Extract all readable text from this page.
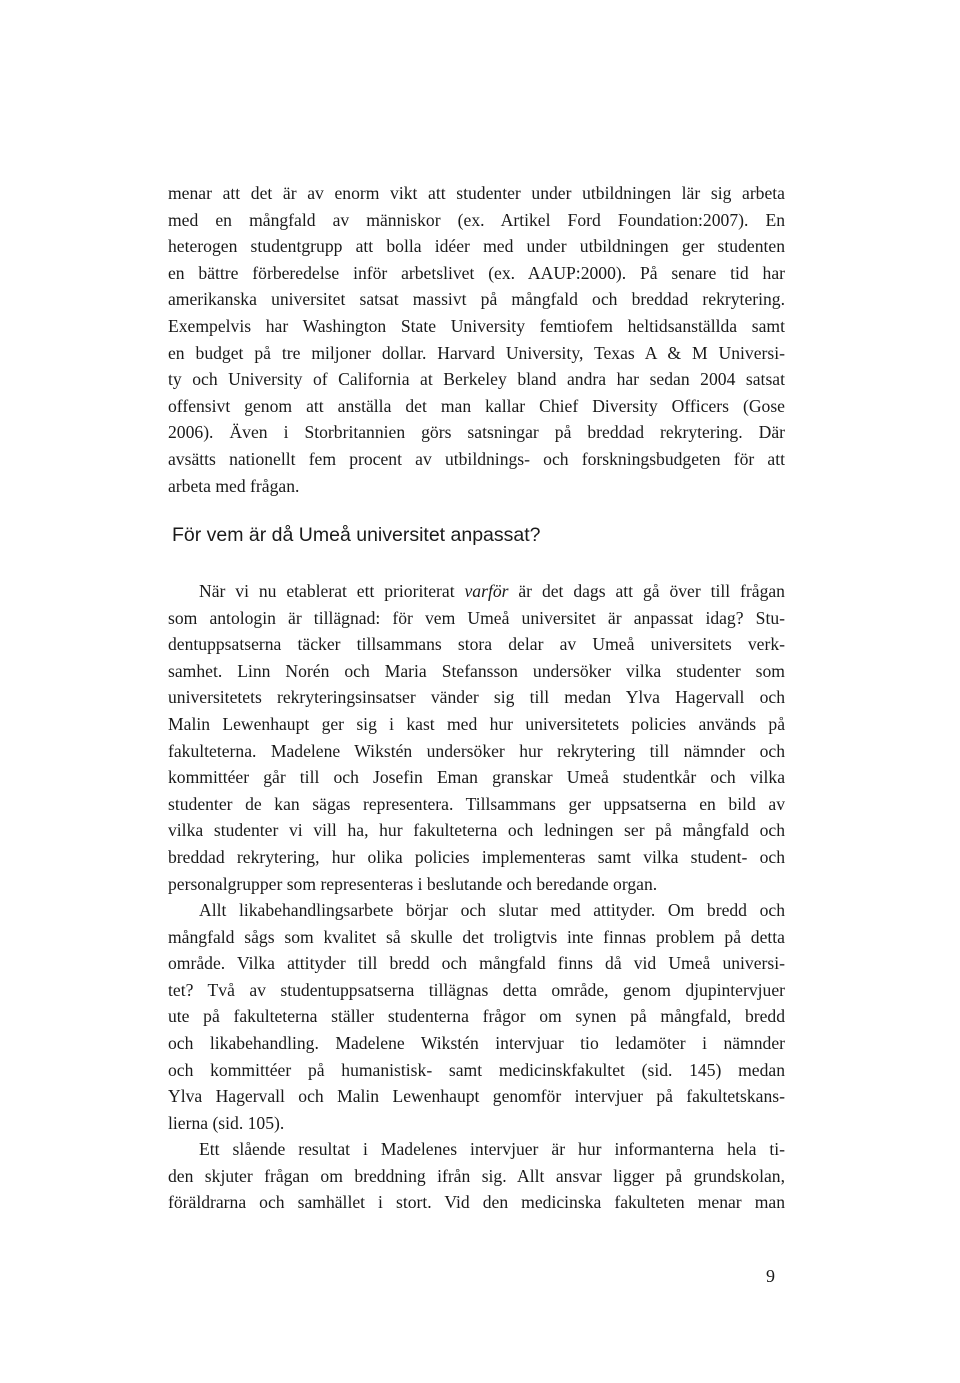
menar att det är av enorm vikt att studenter under utbildningen lär sig arbeta
med en mångfald av människor (ex. Artikel Ford Foundation:2007). En
heterogen studentgrupp att bolla idéer med under utbildningen ger studenten
en bättre förberedelse inför arbetslivet (ex. AAUP:2000). På senare tid har
amerikanska universitet satsat massivt på mångfald och breddad rekrytering.
Exempelvis har Washington State University femtiofem heltidsanställda samt
en budget på tre miljoner dollar. Harvard University, Texas A & M Universi-
ty och University of California at Berkeley bland andra har sedan 2004 satsat
offensivt genom att anställa det man kallar Chief Diversity Officers (Gose
2006). Även i Storbritannien görs satsningar på breddad rekrytering. Där
avsätts nationellt fem procent av utbildnings- och forskningsbudgeten för att
arbeta med frågan.
För vem är då Umeå universitet anpassat?
När vi nu etablerat ett prioriterat varför är det dags att gå över till frågan
som antologin är tillägnad: för vem Umeå universitet är anpassat idag? Stu-
dentuppsatserna täcker tillsammans stora delar av Umeå universitets verk-
samhet. Linn Norén och Maria Stefansson undersöker vilka studenter som
universitetets rekryteringsinsatser vänder sig till medan Ylva Hagervall och
Malin Lewenhaupt ger sig i kast med hur universitetets policies används på
fakulteterna. Madelene Wikstén undersöker hur rekrytering till nämnder och
kommittéer går till och Josefin Eman granskar Umeå studentkår och vilka
studenter de kan sägas representera. Tillsammans ger uppsatserna en bild av
vilka studenter vi vill ha, hur fakulteterna och ledningen ser på mångfald och
breddad rekrytering, hur olika policies implementeras samt vilka student- och
personalgrupper som representeras i beslutande och beredande organ.
Allt likabehandlingsarbete börjar och slutar med attityder. Om bredd och
mångfald sågs som kvalitet så skulle det troligtvis inte finnas problem på detta
område. Vilka attityder till bredd och mångfald finns då vid Umeå universi-
tet? Två av studentuppsatserna tillägnas detta område, genom djupintervjuer
ute på fakulteterna ställer studenterna frågor om synen på mångfald, bredd
och likabehandling. Madelene Wikstén intervjuar tio ledamöter i nämnder
och kommittéer på humanistisk- samt medicinskfakultet (sid. 145) medan
Ylva Hagervall och Malin Lewenhaupt genomför intervjuer på fakultetskans-
lierna (sid. 105).
Ett slående resultat i Madelenes intervjuer är hur informanterna hela ti-
den skjuter frågan om breddning ifrån sig. Allt ansvar ligger på grundskolan,
föräldrarna och samhället i stort. Vid den medicinska fakulteten menar man
9
